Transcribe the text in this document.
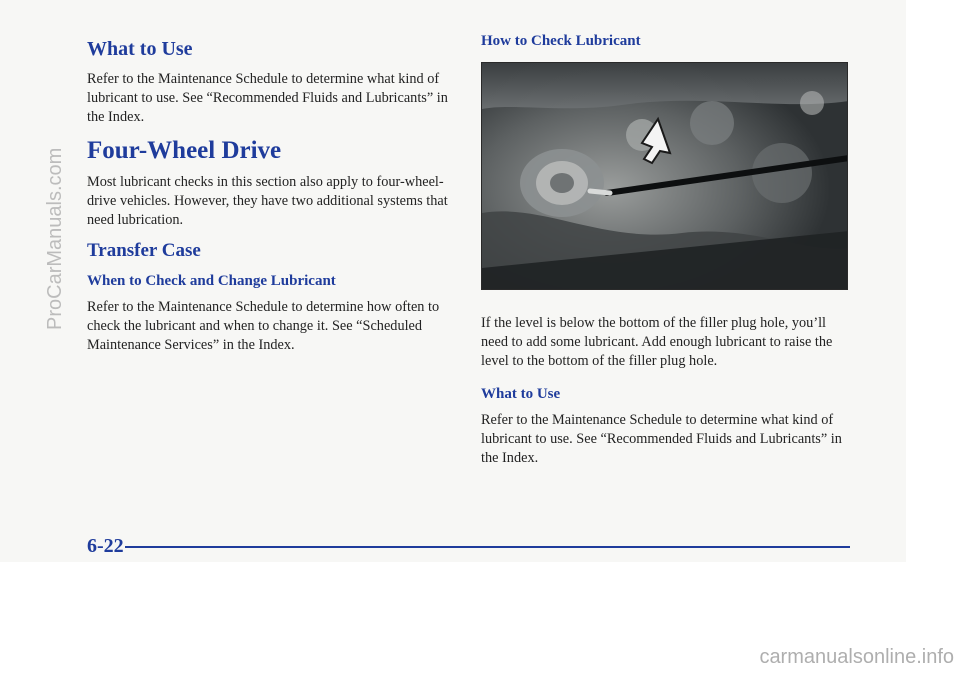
What to Use

Refer to the Maintenance Schedule to determine what kind of lubricant to use. See “Recommended Fluids and Lubricants” in the Index.

Four-Wheel Drive

Most lubricant checks in this section also apply to four-wheel-drive vehicles. However, they have two additional systems that need lubrication.

Transfer Case
When to Check and Change Lubricant

Refer to the Maintenance Schedule to determine how often to check the lubricant and when to change it. See “Scheduled Maintenance Services” in the Index.

How to Check Lubricant

If the level is below the bottom of the filler plug hole, you’ll need to add some lubricant. Add enough lubricant to raise the level to the bottom of the filler plug hole.

What to Use

Refer to the Maintenance Schedule to determine what kind of lubricant to use. See “Recommended Fluids and Lubricants” in the Index.

6-22
ProCarManuals.com
carmanualsonline.info
